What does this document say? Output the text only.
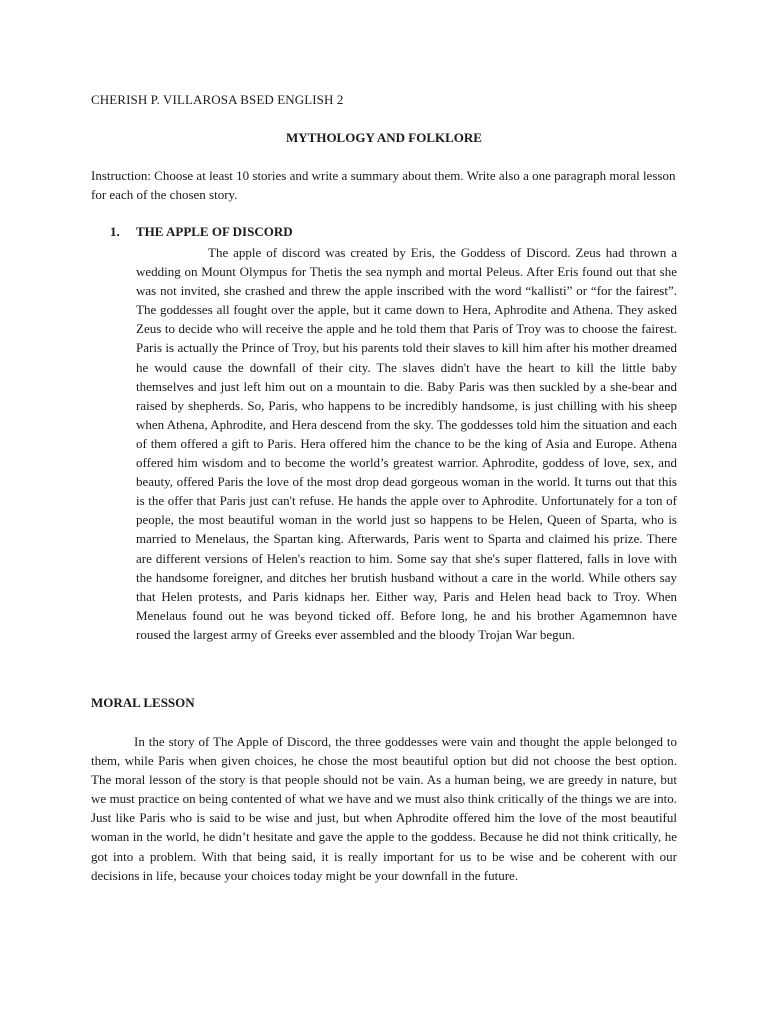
CHERISH P. VILLAROSA BSED ENGLISH 2
MYTHOLOGY AND FOLKLORE
Instruction: Choose at least 10 stories and write a summary about them. Write also a one paragraph moral lesson for each of the chosen story.
1. THE APPLE OF DISCORD

The apple of discord was created by Eris, the Goddess of Discord. Zeus had thrown a wedding on Mount Olympus for Thetis the sea nymph and mortal Peleus. After Eris found out that she was not invited, she crashed and threw the apple inscribed with the word “kallisti” or “for the fairest”. The goddesses all fought over the apple, but it came down to Hera, Aphrodite and Athena. They asked Zeus to decide who will receive the apple and he told them that Paris of Troy was to choose the fairest. Paris is actually the Prince of Troy, but his parents told their slaves to kill him after his mother dreamed he would cause the downfall of their city. The slaves didn't have the heart to kill the little baby themselves and just left him out on a mountain to die. Baby Paris was then suckled by a she-bear and raised by shepherds. So, Paris, who happens to be incredibly handsome, is just chilling with his sheep when Athena, Aphrodite, and Hera descend from the sky. The goddesses told him the situation and each of them offered a gift to Paris. Hera offered him the chance to be the king of Asia and Europe. Athena offered him wisdom and to become the world’s greatest warrior. Aphrodite, goddess of love, sex, and beauty, offered Paris the love of the most drop dead gorgeous woman in the world. It turns out that this is the offer that Paris just can't refuse. He hands the apple over to Aphrodite. Unfortunately for a ton of people, the most beautiful woman in the world just so happens to be Helen, Queen of Sparta, who is married to Menelaus, the Spartan king. Afterwards, Paris went to Sparta and claimed his prize. There are different versions of Helen's reaction to him. Some say that she's super flattered, falls in love with the handsome foreigner, and ditches her brutish husband without a care in the world. While others say that Helen protests, and Paris kidnaps her. Either way, Paris and Helen head back to Troy. When Menelaus found out he was beyond ticked off. Before long, he and his brother Agamemnon have roused the largest army of Greeks ever assembled and the bloody Trojan War begun.

MORAL LESSON

In the story of The Apple of Discord, the three goddesses were vain and thought the apple belonged to them, while Paris when given choices, he chose the most beautiful option but did not choose the best option. The moral lesson of the story is that people should not be vain. As a human being, we are greedy in nature, but we must practice on being contented of what we have and we must also think critically of the things we are into. Just like Paris who is said to be wise and just, but when Aphrodite offered him the love of the most beautiful woman in the world, he didn’t hesitate and gave the apple to the goddess. Because he did not think critically, he got into a problem. With that being said, it is really important for us to be wise and be coherent with our decisions in life, because your choices today might be your downfall in the future.
